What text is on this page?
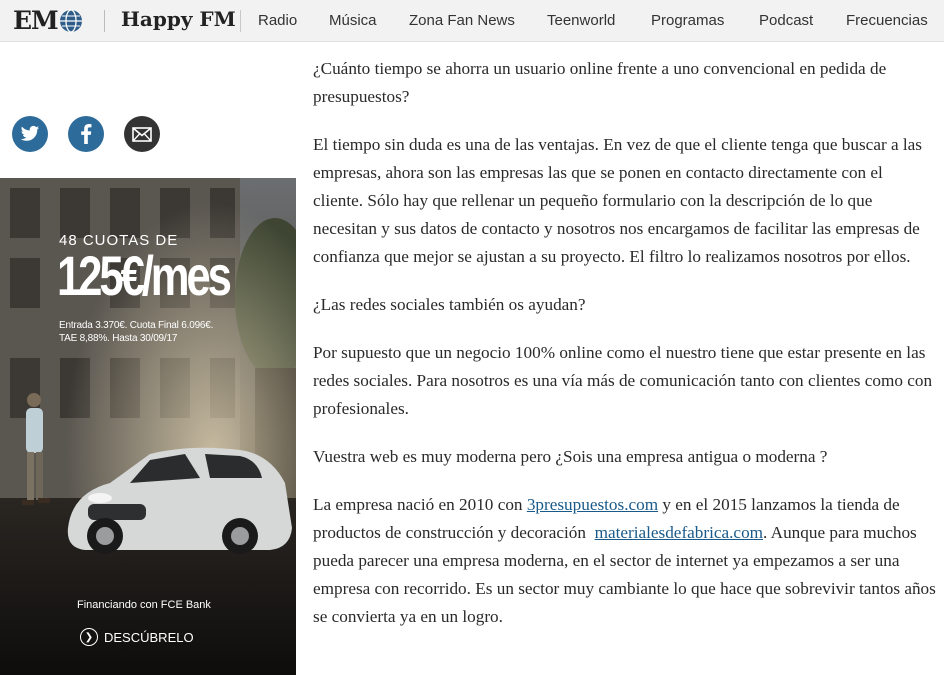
EM	Happy FM Radio Música Zona Fan News Teenworld Programas Podcast Frecuencias
48 CUOTAS DE
125€/mes
Entrada 3.370€. Cuota Final 6.096€.
TAE 8,88%. Hasta 30/09/17
Financiando con FCE Bank
❯ DESCÚBRELO

¿Cuánto tiempo se ahorra un usuario online frente a uno convencional en pedida de presupuestos?

El tiempo sin duda es una de las ventajas. En vez de que el cliente tenga que buscar a las empresas, ahora son las empresas las que se ponen en contacto directamente con el cliente. Sólo hay que rellenar un pequeño formulario con la descripción de lo que necesitan y sus datos de contacto y nosotros nos encargamos de facilitar las empresas de confianza que mejor se ajustan a su proyecto. El filtro lo realizamos nosotros por ellos.

¿Las redes sociales también os ayudan?

Por supuesto que un negocio 100% online como el nuestro tiene que estar presente en las redes sociales. Para nosotros es una vía más de comunicación tanto con clientes como con profesionales.

Vuestra web es muy moderna pero ¿Sois una empresa antigua o moderna ?

La empresa nació en 2010 con 3presupuestos.com y en el 2015 lanzamos la tienda de productos de construcción y decoración  materialesdefabrica.com. Aunque para muchos pueda parecer una empresa moderna, en el sector de internet ya empezamos a ser una empresa con recorrido. Es un sector muy cambiante lo que hace que sobrevivir tantos años se convierta ya en un logro.
